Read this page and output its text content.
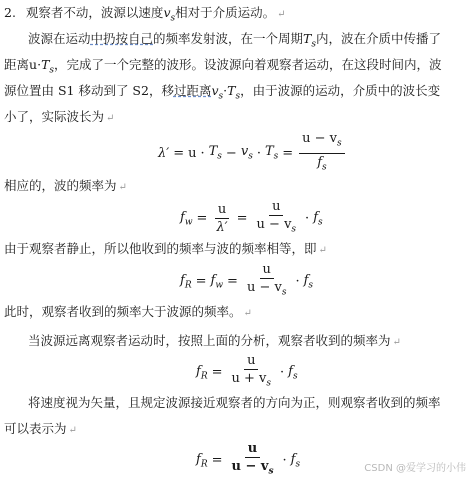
2. 观察者不动，波源以速度$v_s$相对于介质运动。 ↵
波源在运动中扔按自己的频率发射波，在一个周期$T_s$内，波在介质中传播了
距离$u\cdot T_s$，完成了一个完整的波形。设波源向着观察者运动，在这段时间内，波
源位置由 S1 移动到了 S2，移过距离$v_s\cdot T_s$，由于波源的运动，介质中的波长变
小了，实际波长为 ↵
$\lambda' = u \cdot T_s - v_s \cdot T_s = \frac{u - v_s}{f_s}$
相应的，波的频率为 ↵
$f_w = \frac{u}{\lambda'} = \frac{u}{u - v_s} \cdot f_s$
由于观察者静止，所以他收到的频率与波的频率相等，即 ↵
$f_R = f_w = \frac{u}{u - v_s} \cdot f_s$
此时，观察者收到的频率大于波源的频率。 ↵
当波源远离观察者运动时，按照上面的分析，观察者收到的频率为 ↵
$f_R = \frac{u}{u + v_s} \cdot f_s$
将速度视为矢量，且规定波源接近观察者的方向为正，则观察者收到的频率
可以表示为 ↵
$f_R = \frac{u}{u - v_s} \cdot f_s$	CSDN @爱学习的小伟
